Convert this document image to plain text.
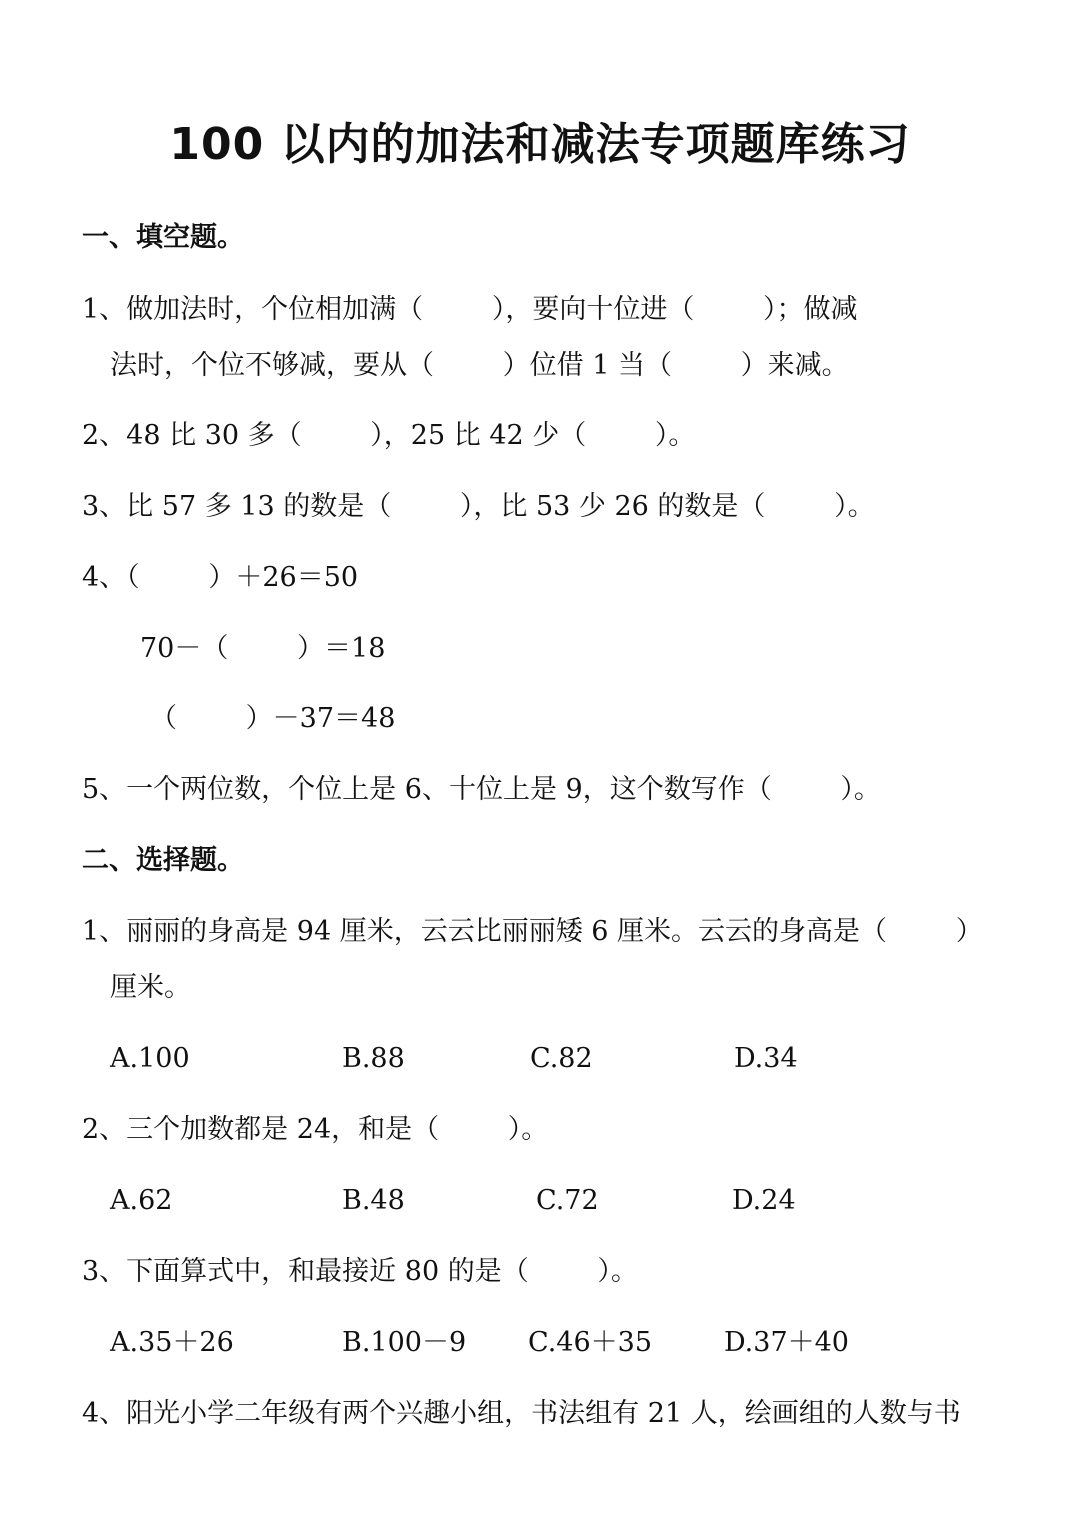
100 以内的加法和减法专项题库练习
一、填空题。
1、做加法时，个位相加满（        ），要向十位进（        ）；做减
法时，个位不够减，要从（        ）位借 1 当（        ）来减。
2、48 比 30 多（        ），25 比 42 少（        ）。
3、比 57 多 13 的数是（        ），比 53 少 26 的数是（        ）。
4、（        ）＋26＝50
70－（        ）＝18
（        ）－37＝48
5、一个两位数，个位上是 6、十位上是 9，这个数写作（        ）。
二、选择题。
1、丽丽的身高是 94 厘米，云云比丽丽矮 6 厘米。云云的身高是（        ）
厘米。
A.100	B.88	C.82	D.34
2、三个加数都是 24，和是（        ）。
A.62	B.48	C.72	D.24
3、下面算式中，和最接近 80 的是（        ）。
A.35＋26	B.100－9 C.46＋35	D.37＋40
4、阳光小学二年级有两个兴趣小组，书法组有 21 人，绘画组的人数与书
